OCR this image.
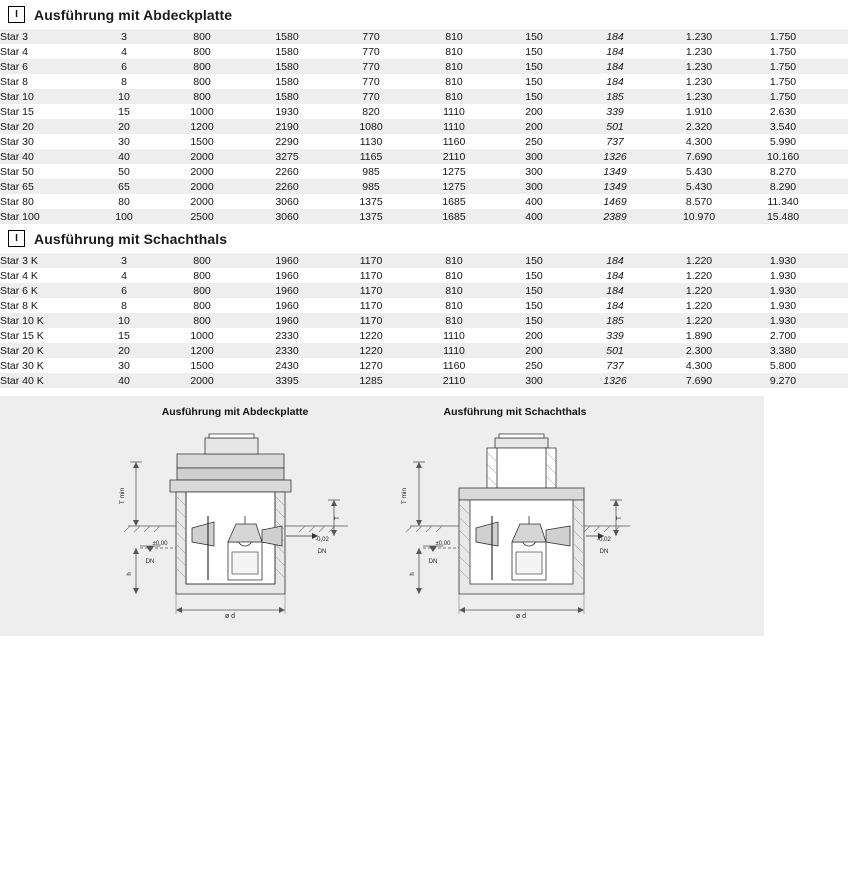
I Ausführung mit Abdeckplatte
Star 3	3	800	1580	770	810	150	184	1.230	1.750	
Star 4	4	800	1580	770	810	150	184	1.230	1.750	
Star 6	6	800	1580	770	810	150	184	1.230	1.750	
Star 8	8	800	1580	770	810	150	184	1.230	1.750	
Star 10	10	800	1580	770	810	150	185	1.230	1.750	
Star 15	15	1000	1930	820	1110	200	339	1.910	2.630	
Star 20	20	1200	2190	1080	1110	200	501	2.320	3.540	
Star 30	30	1500	2290	1130	1160	250	737	4.300	5.990	
Star 40	40	2000	3275	1165	2110	300	1326	7.690	10.160	
Star 50	50	2000	2260	985	1275	300	1349	5.430	8.270	
Star 65	65	2000	2260	985	1275	300	1349	5.430	8.290	
Star 80	80	2000	3060	1375	1685	400	1469	8.570	11.340	
Star 100	100	2500	3060	1375	1685	400	2389	10.970	15.480	
I Ausführung mit Schachthals
Star 3 K	3	800	1960	1170	810	150	184	1.220	1.930	
Star 4 K	4	800	1960	1170	810	150	184	1.220	1.930	
Star 6 K	6	800	1960	1170	810	150	184	1.220	1.930	
Star 8 K	8	800	1960	1170	810	150	184	1.220	1.930	
Star 10 K	10	800	1960	1170	810	150	185	1.220	1.930	
Star 15 K	15	1000	2330	1220	1110	200	339	1.890	2.700	
Star 20 K	20	1200	2330	1220	1110	200	501	2.300	3.380	
Star 30 K	30	1500	2430	1270	1160	250	737	4.300	5.800	
Star 40 K	40	2000	3395	1285	2110	300	1326	7.690	9.270	
Ausführung mit Abdeckplatte	Ausführung mit Schachthals
T min
±0,00
DN
-0,02
DN
ø d
h
T
T min
±0,00
DN
-0,02
DN
ø d
h
T
